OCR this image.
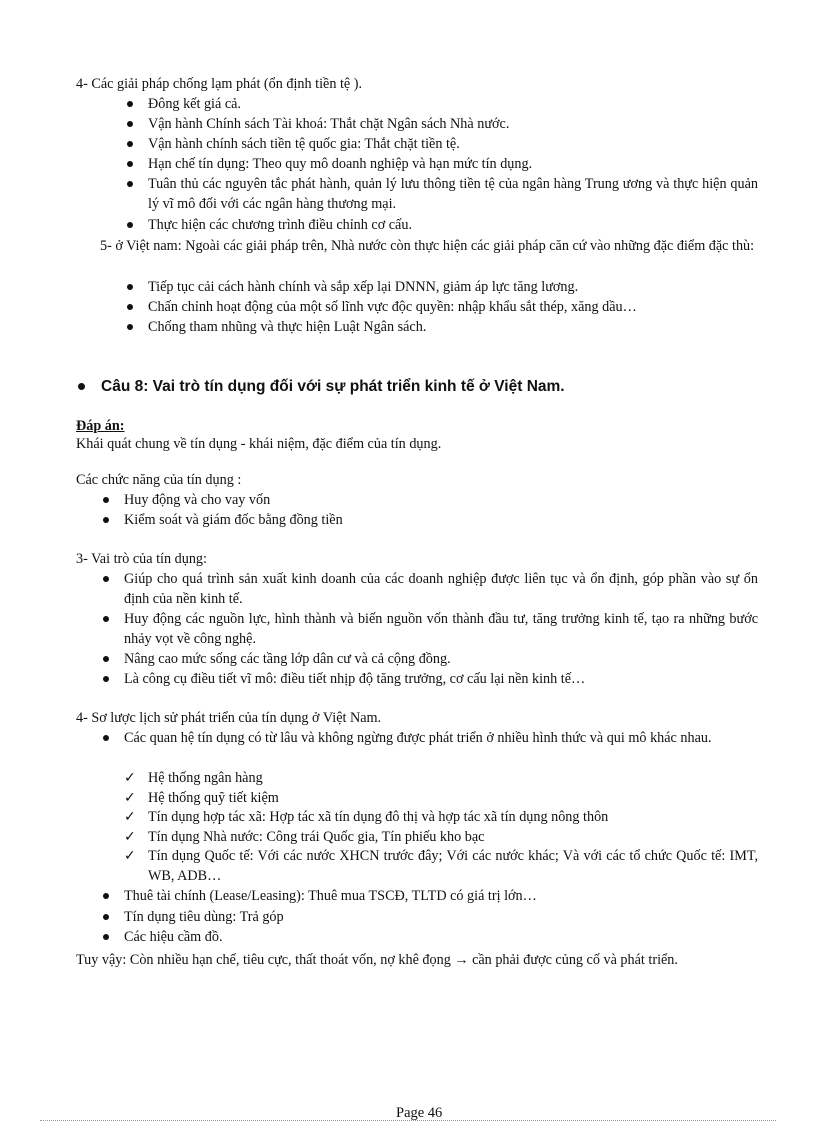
4- Các giải pháp chống lạm phát (ổn định tiền tệ ).
Đông kết giá cả.
Vận hành Chính sách Tài khoá: Thắt chặt Ngân sách Nhà nước.
Vận hành chính sách tiền tệ quốc gia: Thắt chặt tiền tệ.
Hạn chế tín dụng: Theo quy mô doanh nghiệp và hạn mức tín dụng.
Tuân thủ các nguyên tắc phát hành, quản lý lưu thông tiền tệ của ngân hàng Trung ương và thực hiện quản lý vĩ mô đối với các ngân hàng thương mại.
Thực hiện các chương trình điều chỉnh cơ cấu.
5- ở Việt nam: Ngoài các giải pháp trên, Nhà nước còn thực hiện các giải pháp căn cứ vào những đặc điểm đặc thù:
Tiếp tục cải cách hành chính và sắp xếp lại DNNN, giảm áp lực tăng lương.
Chấn chỉnh hoạt động của một số lĩnh vực độc quyền: nhập khẩu sắt thép, xăng dầu…
Chống tham nhũng và thực hiện Luật Ngân sách.
Câu 8: Vai trò tín dụng đối với sự phát triển kinh tế ở Việt Nam.
Đáp án:
Khái quát chung về tín dụng - khái niệm, đặc điểm của tín dụng.
Các chức năng của tín dụng :
Huy động và cho vay vốn
Kiểm soát và giám đốc bằng đồng tiền
3- Vai trò của tín dụng:
Giúp cho quá trình sản xuất kinh doanh của các doanh nghiệp được liên tục và ổn định, góp phần vào sự ổn định của nền kinh tế.
Huy động các nguồn lực, hình thành và biến nguồn vốn thành đầu tư, tăng trưởng kinh tế, tạo ra những bước nhảy vọt về công nghệ.
Nâng cao mức sống các tầng lớp dân cư và cả cộng đồng.
Là công cụ điều tiết vĩ mô: điều tiết nhịp độ tăng trưởng, cơ cấu lại nền kinh tế…
4- Sơ lược lịch sử phát triển của tín dụng ở Việt Nam.
Các quan hệ tín dụng có từ lâu và không ngừng được phát triển ở nhiều hình thức và qui mô khác nhau.
✓ Hệ thống ngân hàng
✓ Hệ thống quỹ tiết kiệm
✓ Tín dụng hợp tác xã: Hợp tác xã tín dụng đô thị và hợp tác xã tín dụng nông thôn
✓ Tín dụng Nhà nước: Công trái Quốc gia, Tín phiếu kho bạc
✓ Tín dụng Quốc tế: Với các nước XHCN trước đây; Với các nước khác; Và với các tổ chức Quốc tế: IMT, WB, ADB…
Thuê tài chính (Lease/Leasing): Thuê mua TSCĐ, TLTD có giá trị lớn…
Tín dụng tiêu dùng: Trả góp
Các hiệu cầm đồ.
Tuy vậy: Còn nhiều hạn chế, tiêu cực, thất thoát vốn, nợ khê đọng → cần phải được củng cố và phát triển.
Page 46
